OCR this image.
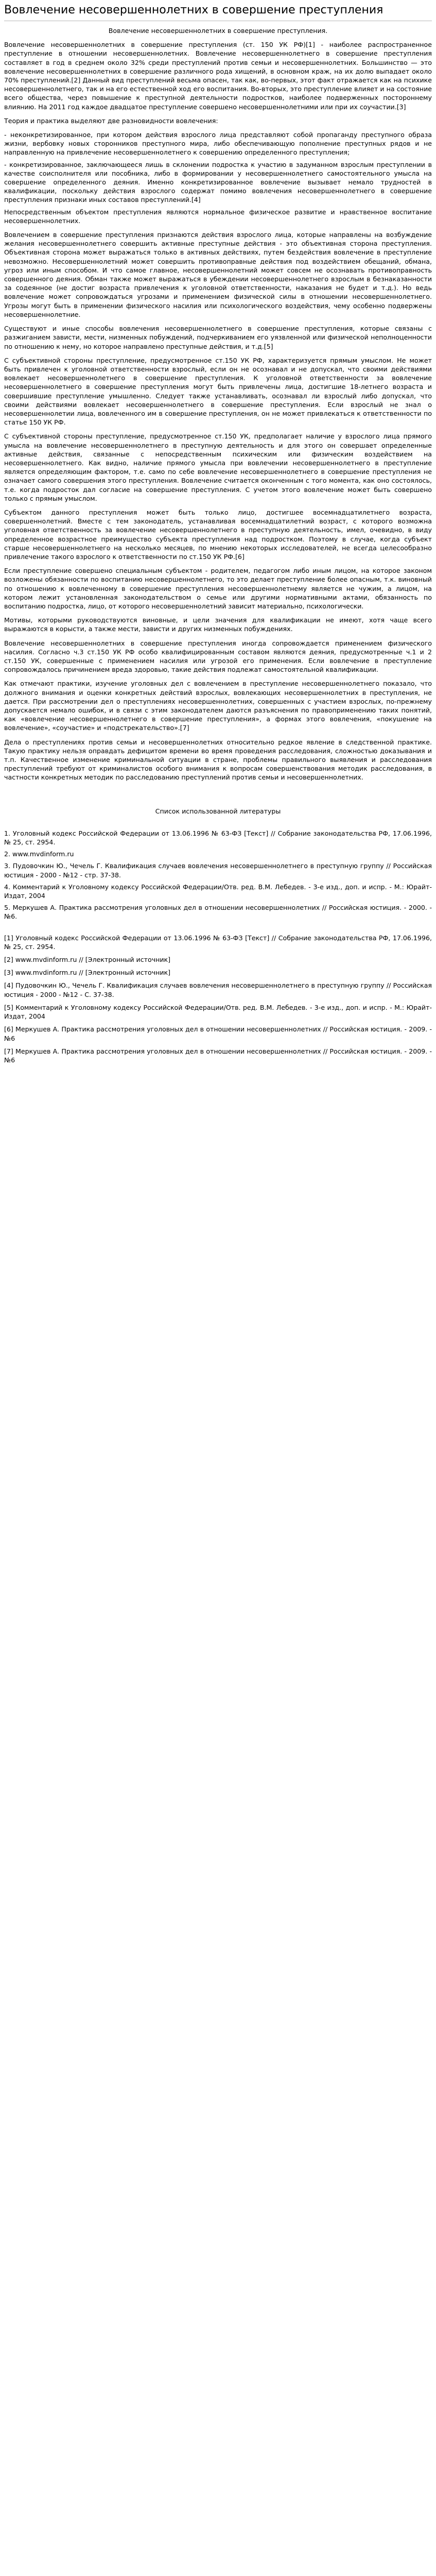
Вовлечение несовершеннолетних в совершение преступления

Вовлечение несовершеннолетних в совершение преступления.

Вовлечение несовершеннолетних в совершение преступления (ст. 150 УК РФ)[1] - наиболее распространенное преступление в отношении несовершеннолетних. Вовлечение несовершеннолетнего в совершение преступления составляет в год в среднем около 32% среди преступлений против семьи и несовершеннолетних. Большинство — это вовлечение несовершеннолетних в совершение различного рода хищений, в основном краж, на их долю выпадает около 70% преступлений.[2] Данный вид преступлений весьма опасен, так как, во-первых, этот факт отражается как на психике несовершеннолетнего, так и на его естественной ход его воспитания. Во-вторых, это преступление влияет и на состояние всего общества, через повышение к преступной деятельности подростков, наиболее подверженных постороннему влиянию. На 2011 год каждое двадцатое преступление совершено несовершеннолетними или при их соучастии.[3]

Теория и практика выделяют две разновидности вовлечения:

- неконкретизированное, при котором действия взрослого лица представляют собой пропаганду преступного образа жизни, вербовку новых сторонников преступного мира, либо обеспечивающую пополнение преступных рядов и не направленную на привлечение несовершеннолетнего к совершению определенного преступления;

- конкретизированное, заключающееся лишь в склонении подростка к участию в задуманном взрослым преступлении в качестве соисполнителя или пособника, либо в формировании у несовершеннолетнего самостоятельного умысла на совершение определенного деяния. Именно конкретизированное вовлечение вызывает немало трудностей в квалификации, поскольку действия взрослого содержат помимо вовлечения несовершеннолетнего в совершение преступления признаки иных составов преступлений.[4]

Непосредственным объектом преступления являются нормальное физическое развитие и нравственное воспитание несовершеннолетних.

Вовлечением в совершение преступления признаются действия взрослого лица, которые направлены на возбуждение желания несовершеннолетнего совершить активные преступные действия - это объективная сторона преступления. Объективная сторона может выражаться только в активных действиях, путем бездействия вовлечение в преступление невозможно. Несовершеннолетний может совершить противоправные действия под воздействием обещаний, обмана, угроз или иным способом. И что самое главное, несовершеннолетний может совсем не осознавать противоправность совершенного деяния. Обман также может выражаться в убеждении несовершеннолетнего взрослым в безнаказанности за содеянное (не достиг возраста привлечения к уголовной ответственности, наказания не будет и т.д.). Но ведь вовлечение может сопровождаться угрозами и применением физической силы в отношении несовершеннолетнего. Угрозы могут быть в применении физического насилия или психологического воздействия, чему особенно подвержены несовершеннолетние.

Существуют и иные способы вовлечения несовершеннолетнего в совершение преступления, которые связаны с разжиганием зависти, мести, низменных побуждений, подчеркиванием его уязвленной или физической неполноценности по отношению к нему, но которое направлено преступные действия, и т.д.[5]

С субъективной стороны преступление, предусмотренное ст.150 УК РФ, характеризуется прямым умыслом. Не может быть привлечен к уголовной ответственности взрослый, если он не осознавал и не допускал, что своими действиями вовлекает несовершеннолетнего в совершение преступления. К уголовной ответственности за вовлечение несовершеннолетнего в совершение преступления могут быть привлечены лица, достигшие 18-летнего возраста и совершившие преступление умышленно. Следует также устанавливать, осознавал ли взрослый либо допускал, что своими действиями вовлекает несовершеннолетнего в совершение преступления. Если взрослый не знал о несовершеннолетии лица, вовлеченного им в совершение преступления, он не может привлекаться к ответственности по статье 150 УК РФ.

С субъективной стороны преступление, предусмотренное ст.150 УК, предполагает наличие у взрослого лица прямого умысла на вовлечение несовершеннолетнего в преступную деятельность и для этого он совершает определенные активные действия, связанные с непосредственным психическим или физическим воздействием на несовершеннолетнего. Как видно, наличие прямого умысла при вовлечении несовершеннолетнего в преступление является определяющим фактором, т.е. само по себе вовлечение несовершеннолетнего в совершение преступления не означает самого совершения этого преступления. Вовлечение считается оконченным с того момента, как оно состоялось, т.е. когда подросток дал согласие на совершение преступления. С учетом этого вовлечение может быть совершено только с прямым умыслом.

Субъектом данного преступления может быть только лицо, достигшее восемнадцатилетнего возраста, совершеннолетний. Вместе с тем законодатель, устанавливая восемнадцатилетний возраст, с которого возможна уголовная ответственность за вовлечение несовершеннолетнего в преступную деятельность, имел, очевидно, в виду определенное возрастное преимущество субъекта преступления над подростком. Поэтому в случае, когда субъект старше несовершеннолетнего на несколько месяцев, по мнению некоторых исследователей, не всегда целесообразно привлечение такого взрослого к ответственности по ст.150 УК РФ.[6]

Если преступление совершено специальным субъектом - родителем, педагогом либо иным лицом, на которое законом возложены обязанности по воспитанию несовершеннолетнего, то это делает преступление более опасным, т.к. виновный по отношению к вовлеченному в совершение преступления несовершеннолетнему является не чужим, а лицом, на котором лежит установленная законодательством о семье или другими нормативными актами, обязанность по воспитанию подростка, лицо, от которого несовершеннолетний зависит материально, психологически.

Мотивы, которыми руководствуются виновные, и цели значения для квалификации не имеют, хотя чаще всего выражаются в корысти, а также мести, зависти и других низменных побуждениях.

Вовлечение несовершеннолетних в совершение преступления иногда сопровождается применением физического насилия. Согласно ч.3 ст.150 УК РФ особо квалифицированным составом являются деяния, предусмотренные ч.1 и 2 ст.150 УК, совершенные с применением насилия или угрозой его применения. Если вовлечение в преступление сопровождалось причинением вреда здоровью, такие действия подлежат самостоятельной квалификации.

Как отмечают практики, изучение уголовных дел с вовлечением в преступление несовершеннолетнего показало, что должного внимания и оценки конкретных действий взрослых, вовлекающих несовершеннолетних в преступления, не дается. При рассмотрении дел о преступлениях несовершеннолетних, совершенных с участием взрослых, по-прежнему допускается немало ошибок, и в связи с этим законодателем даются разъяснения по правоприменению таких понятий, как «вовлечение несовершеннолетнего в совершение преступления», а формах этого вовлечения, «покушение на вовлечение», «соучастие» и «подстрекательство».[7]

Дела о преступлениях против семьи и несовершеннолетних относительно редкое явление в следственной практике. Такую практику нельзя оправдать дефицитом времени во время проведения расследования, сложностью доказывания и т.п. Качественное изменение криминальной ситуации в стране, проблемы правильного выявления и расследования преступлений требуют от криминалистов особого внимания к вопросам совершенствования методик расследования, в частности конкретных методик по расследованию преступлений против семьи и несовершеннолетних.

Список использованной литературы

1. Уголовный кодекс Российской Федерации от 13.06.1996 № 63-ФЗ [Текст] // Собрание законодательства РФ, 17.06.1996, № 25, ст. 2954.

2. www.mvdinform.ru

3. Пудовочкин Ю., Чечель Г. Квалификация случаев вовлечения несовершеннолетнего в преступную группу // Российская юстиция - 2000 - №12 - стр. 37-38.

4. Комментарий к Уголовному кодексу Российской Федерации/Отв. ред. В.М. Лебедев. - 3-е изд., доп. и испр. - М.: Юрайт-Издат, 2004

5. Меркушев А. Практика рассмотрения уголовных дел в отношении несовершеннолетних // Российская юстиция. - 2000. - №6.

[1] Уголовный кодекс Российской Федерации от 13.06.1996 № 63-ФЗ [Текст] // Собрание законодательства РФ, 17.06.1996, № 25, ст. 2954.

[2] www.mvdinform.ru // [Электронный источник]

[3] www.mvdinform.ru // [Электронный источник]

[4] Пудовочкин Ю., Чечель Г. Квалификация случаев вовлечения несовершеннолетнего в преступную группу // Российская юстиция - 2000 - №12 - С. 37-38.

[5] Комментарий к Уголовному кодексу Российской Федерации/Отв. ред. В.М. Лебедев. - 3-е изд., доп. и испр. - М.: Юрайт-Издат, 2004

[6] Меркушев А. Практика рассмотрения уголовных дел в отношении несовершеннолетних // Российская юстиция. - 2009. - №6

[7] Меркушев А. Практика рассмотрения уголовных дел в отношении несовершеннолетних // Российская юстиция. - 2009. - №6
